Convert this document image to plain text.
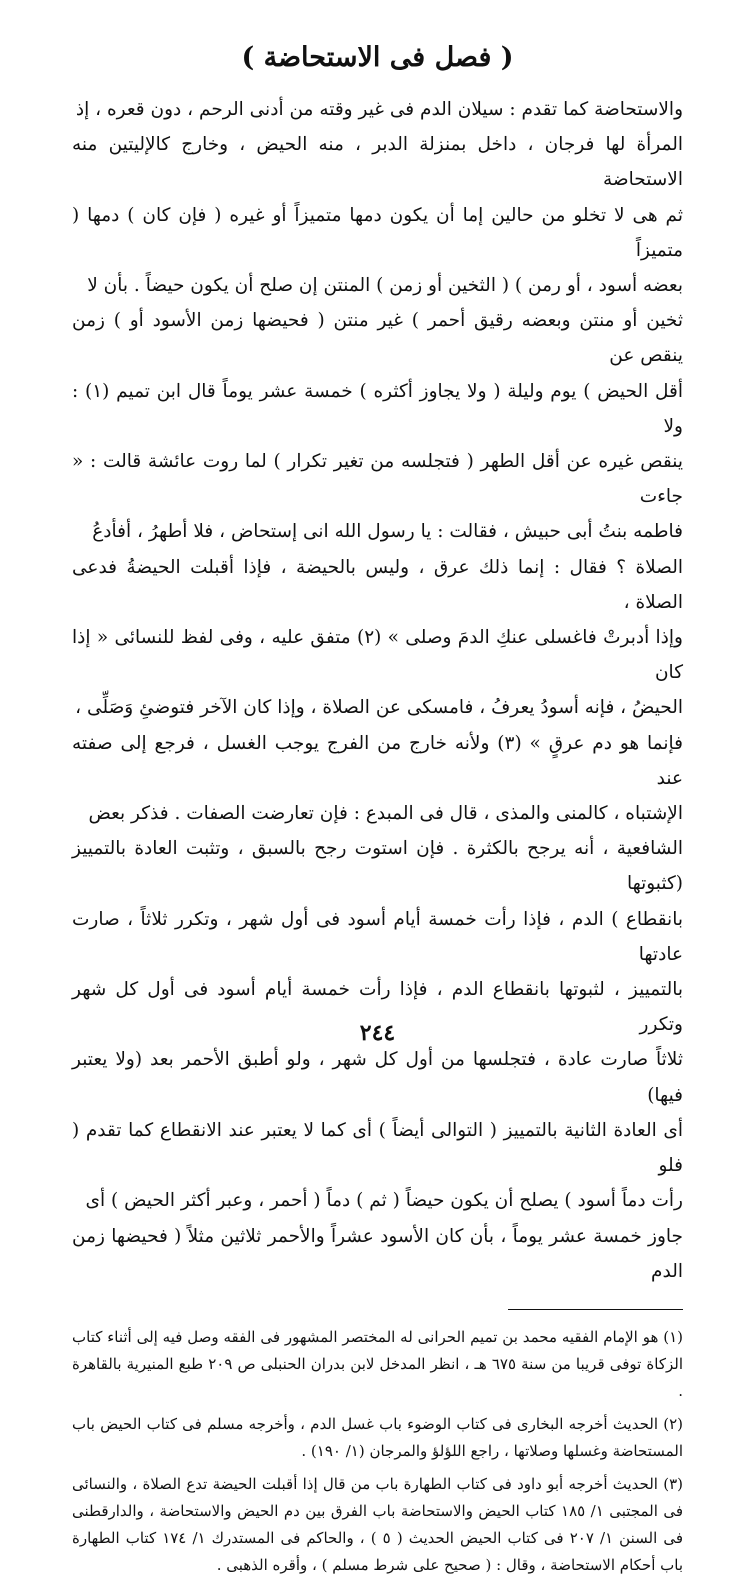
( فصل فى الاستحاضة )

والاستحاضة كما تقدم : سيلان الدم فى غير وقته من أدنى الرحم ، دون قعره ، إذ

المرأة لها فرجان ، داخل بمنزلة الدبر ، منه الحيض ، وخارج كالإليتين منه الاستحاضة

ثم هى لا تخلو من حالين إما أن يكون دمها متميزاً أو غيره ( فإن كان ) دمها ( متميزاً

بعضه أسود ، أو رمن ) ( الثخين أو زمن ) المنتن إن صلح أن يكون حيضاً . بأن لا

ثخين أو منتن وبعضه رقيق أحمر ) غير منتن ( فحيضها زمن الأسود أو ) زمن ينقص عن

أقل الحيض ) يوم وليلة ( ولا يجاوز أكثره ) خمسة عشر يوماً قال ابن تميم (١) : ولا

ينقص غيره عن أقل الطهر ( فتجلسه من تغير تكرار ) لما روت عائشة قالت : « جاءت

فاطمه بنتُ أبى حبيش ، فقالت : يا رسول الله انى إستحاض ، فلا أطهرُ ، أفأدعُ

الصلاة ؟ فقال : إنما ذلك عرق ، وليس بالحيضة ، فإذا أقبلت الحيضةُ فدعى الصلاة ،

وإذا أدبرتْ فاغسلى عنكِ الدمَ وصلى » (٢) متفق عليه ، وفى لفظ للنسائى « إذا كان

الحيضُ ، فإنه أسودُ يعرفُ ، فامسكى عن الصلاة ، وإذا كان الآخر فتوضئِ وَصَلِّى ،

فإنما هو دم عرقٍ » (٣) ولأنه خارج من الفرج يوجب الغسل ، فرجع إلى صفته عند

الإشتباه ، كالمنى والمذى ، قال فى المبدع : فإن تعارضت الصفات . فذكر بعض

الشافعية ، أنه يرجح بالكثرة . فإن استوت رجح بالسبق ، وتثبت العادة بالتمييز (كثبوتها

بانقطاع ) الدم ، فإذا رأت خمسة أيام أسود فى أول شهر ، وتكرر ثلاثاً ، صارت عادتها

بالتمييز ، لثبوتها بانقطاع الدم ، فإذا رأت خمسة أيام أسود فى أول كل شهر وتكرر

ثلاثاً صارت عادة ، فتجلسها من أول كل شهر ، ولو أطبق الأحمر بعد (ولا يعتبر فيها)

أى العادة الثانية بالتمييز ( التوالى أيضاً ) أى كما لا يعتبر عند الانقطاع كما تقدم ( فلو

رأت دماً أسود ) يصلح أن يكون حيضاً ( ثم ) دماً ( أحمر ، وعبر أكثر الحيض ) أى

جاوز خمسة عشر يوماً ، بأن كان الأسود عشراً والأحمر ثلاثين مثلاً ( فحيضها زمن الدم

(١) هو الإمام الفقيه محمد بن تميم الحرانى له المختصر المشهور فى الفقه وصل فيه إلى أثناء كتاب الزكاة توفى قريبا من سنة ٦٧٥ هـ ، انظر المدخل لابن بدران الحنبلى ص ٢٠٩ طبع المنيرية بالقاهرة .

(٢) الحديث أخرجه البخارى فى كتاب الوضوء باب غسل الدم ، وأخرجه مسلم فى كتاب الحيض باب المستحاضة وغسلها وصلاتها ، راجع اللؤلؤ والمرجان (١/ ١٩٠) .

(٣) الحديث أخرجه أبو داود فى كتاب الطهارة باب من قال إذا أقبلت الحيضة تدع الصلاة ، والنسائى فى المجتبى ١/ ١٨٥ كتاب الحيض والاستحاضة باب الفرق بين دم الحيض والاستحاضة ، والدارقطنى فى السنن ١/ ٢٠٧ فى كتاب الحيض الحديث ( ٥ ) ، والحاكم فى المستدرك ١/ ١٧٤ كتاب الطهارة باب أحكام الاستحاضة ، وقال : ( صحيح على شرط مسلم ) ، وأقره الذهبى .

٢٤٤
